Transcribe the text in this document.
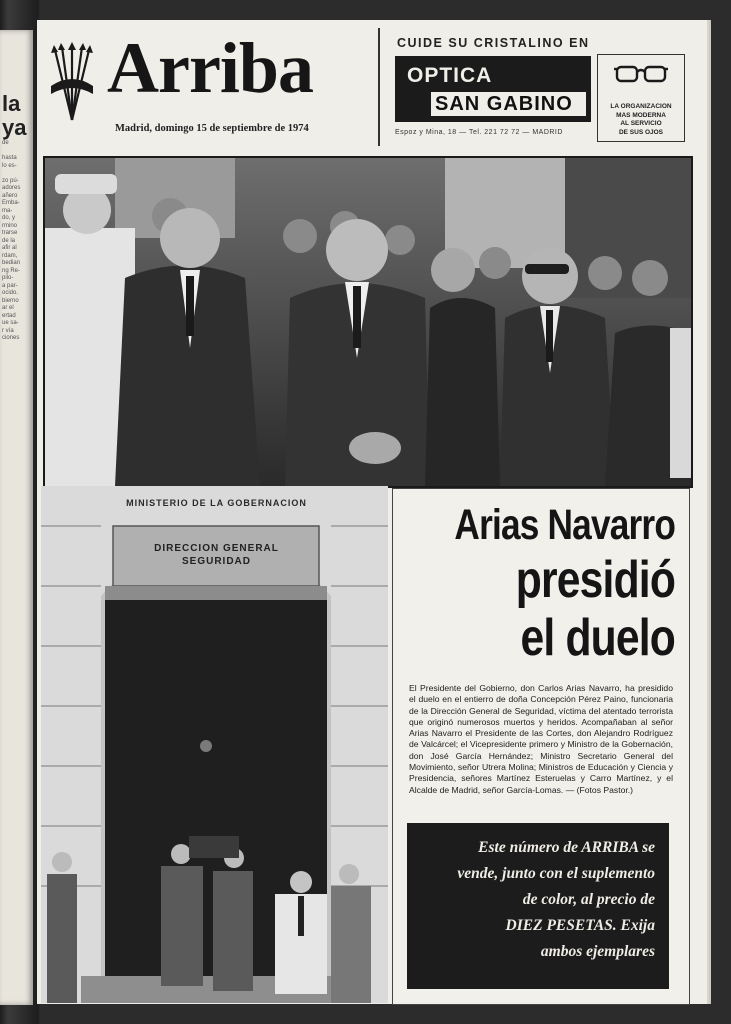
la
ya
de

hasta
lo es-

zo pú-
adores
añero
Emba-
ma-
do, y
rmino
trarse
de la
afir al
rdam,
bedian
ng Re-
pilo-
a par-
ocido.
bierno
ar el
ertad
ue sa-
r vía
ciones
Arriba
Madrid, domingo 15 de septiembre de 1974
CUIDE SU CRISTALINO EN
OPTICA
SAN GABINO
Espoz y Mina, 18 — Tel. 221 72 72 — MADRID
LA ORGANIZACION
MAS MODERNA
AL SERVICIO
DE SUS OJOS
MINISTERIO DE LA GOBERNACION
DIRECCION GENERAL
SEGURIDAD
Arias Navarro
presidió
el duelo
El Presidente del Gobierno, don Carlos Arias Navarro, ha presidido el duelo en el entierro de doña Concepción Pérez Paino, funcionaria de la Dirección General de Seguridad, víctima del atentado terrorista que originó numerosos muertos y heridos. Acompañaban al señor Arias Navarro el Presidente de las Cortes, don Alejandro Rodríguez de Valcárcel; el Vicepresidente primero y Ministro de la Gobernación, don José García Hernández; Ministro Secretario General del Movimiento, señor Utrera Molina; Ministros de Educación y Ciencia y Presidencia, señores Martínez Esteruelas y Carro Martínez, y el Alcalde de Madrid, señor García-Lomas. — (Fotos Pastor.)
Este número de ARRIBA se
vende, junto con el suplemento
de color, al precio de
DIEZ PESETAS. Exija
ambos ejemplares
